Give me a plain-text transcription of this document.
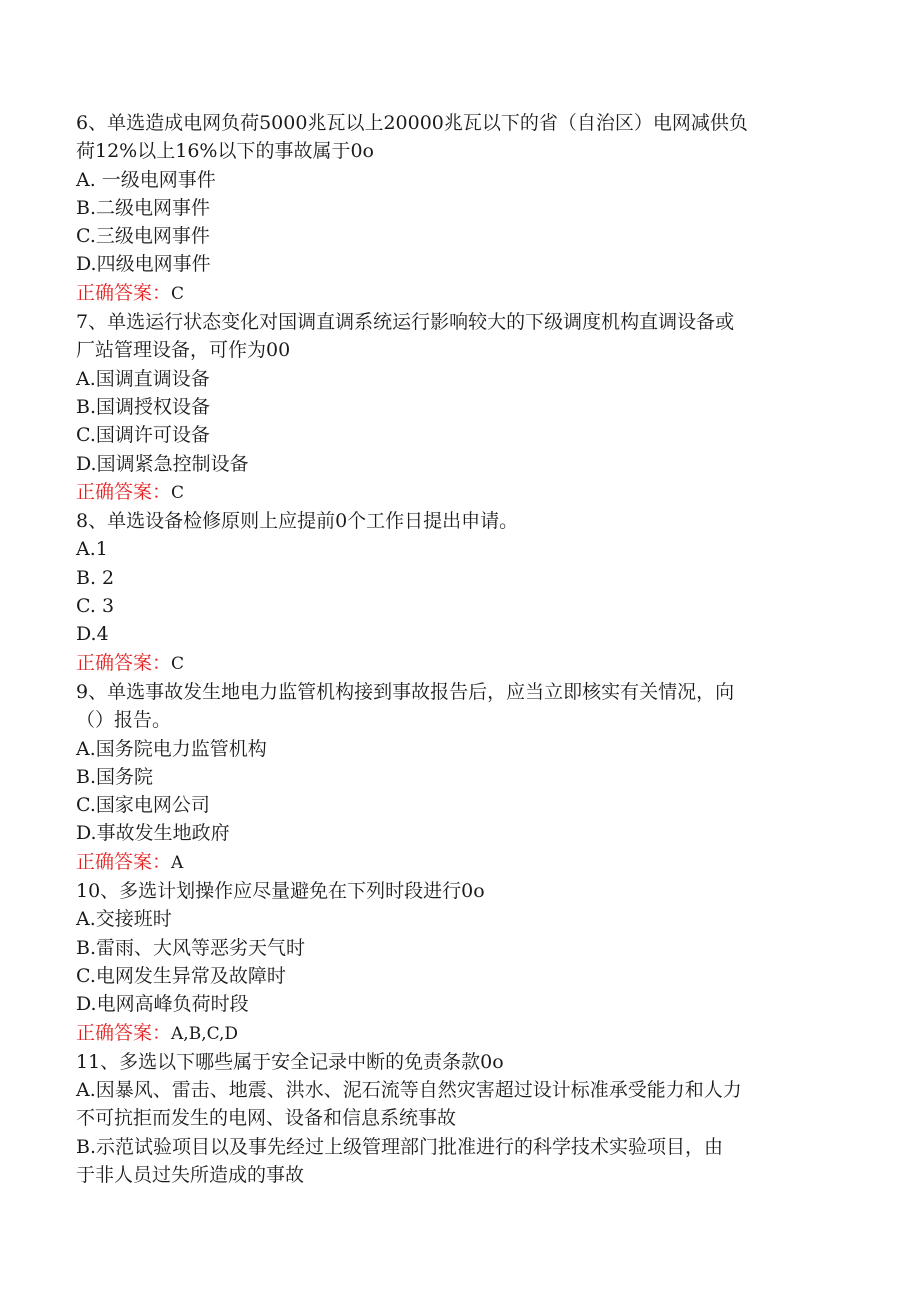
6、单选造成电网负荷5000兆瓦以上20000兆瓦以下的省（自治区）电网减供负
荷12%以上16%以下的事故属于0o
A. 一级电网事件
B.二级电网事件
C.三级电网事件
D.四级电网事件
正确答案：C
7、单选运行状态变化对国调直调系统运行影响较大的下级调度机构直调设备或
厂站管理设备，可作为00
A.国调直调设备
B.国调授权设备
C.国调许可设备
D.国调紧急控制设备
正确答案：C
8、单选设备检修原则上应提前0个工作日提出申请。
A.1
B. 2
C. 3
D.4
正确答案：C
9、单选事故发生地电力监管机构接到事故报告后，应当立即核实有关情况，向
（）报告。
A.国务院电力监管机构
B.国务院
C.国家电网公司
D.事故发生地政府
正确答案：A
10、多选计划操作应尽量避免在下列时段进行0o
A.交接班时
B.雷雨、大风等恶劣天气时
C.电网发生异常及故障时
D.电网高峰负荷时段
正确答案：A,B,C,D
11、多选以下哪些属于安全记录中断的免责条款0o
A.因暴风、雷击、地震、洪水、泥石流等自然灾害超过设计标准承受能力和人力
不可抗拒而发生的电网、设备和信息系统事故
B.示范试验项目以及事先经过上级管理部门批准进行的科学技术实验项目，由
于非人员过失所造成的事故
